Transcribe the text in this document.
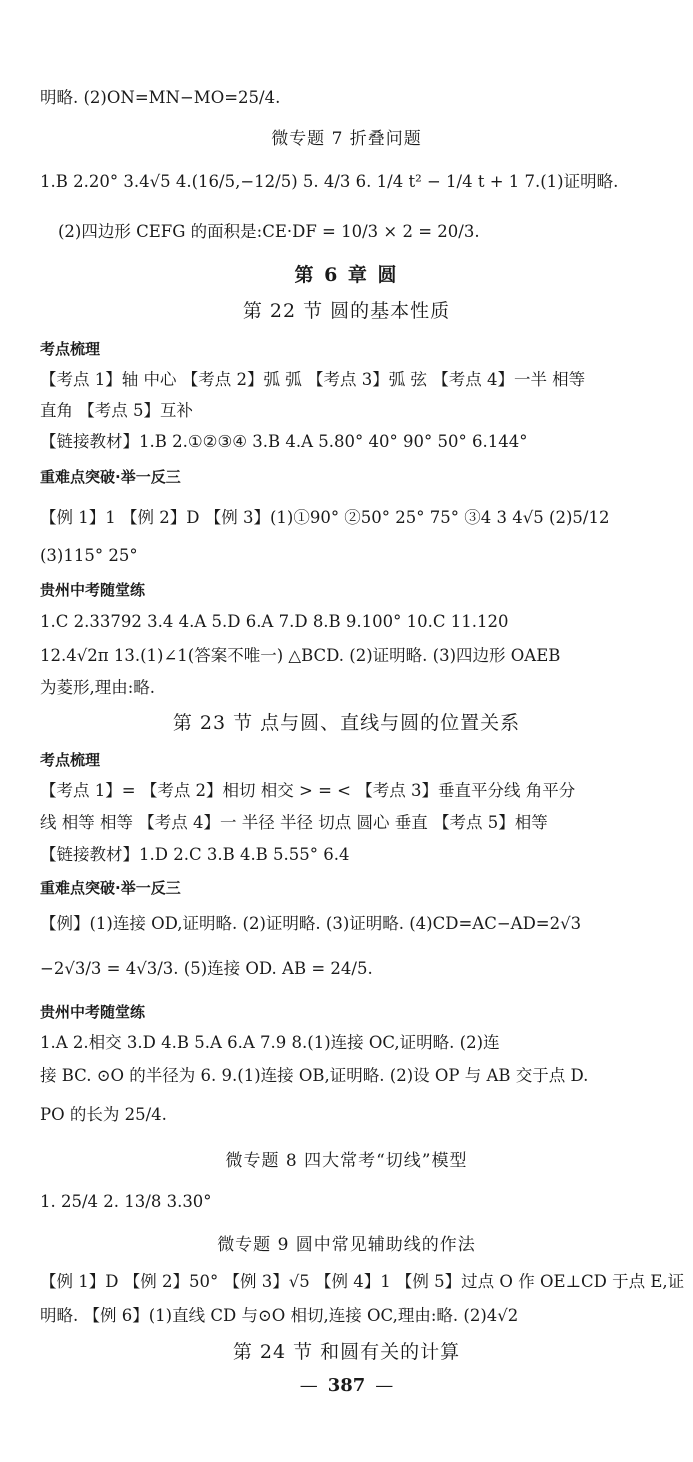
明略. (2)ON=MN−MO=25/4.
微专题 7 折叠问题
1.B 2.20° 3.4√5 4.(16/5,−12/5) 5. 4/3 6. 1/4 t² − 1/4 t + 1 7.(1)证明略.
(2)四边形 CEFG 的面积是:CE·DF = 10/3 × 2 = 20/3.
第 6 章 圆
第 22 节 圆的基本性质
考点梳理
【考点 1】轴 中心 【考点 2】弧 弧 【考点 3】弧 弦 【考点 4】一半 相等
直角 【考点 5】互补
【链接教材】1.B 2.①②③④ 3.B 4.A 5.80° 40° 90° 50° 6.144°
重难点突破·举一反三
【例 1】1 【例 2】D 【例 3】(1)①90° ②50° 25° 75° ③4 3 4√5 (2)5/12
(3)115° 25°
贵州中考随堂练
1.C 2.33792 3.4 4.A 5.D 6.A 7.D 8.B 9.100° 10.C 11.120
12.4√2π 13.(1)∠1(答案不唯一) △BCD. (2)证明略. (3)四边形 OAEB
为菱形,理由:略.
第 23 节 点与圆、直线与圆的位置关系
考点梳理
【考点 1】= 【考点 2】相切 相交 > = < 【考点 3】垂直平分线 角平分
线 相等 相等 【考点 4】一 半径 半径 切点 圆心 垂直 【考点 5】相等
【链接教材】1.D 2.C 3.B 4.B 5.55° 6.4
重难点突破·举一反三
【例】(1)连接 OD,证明略. (2)证明略. (3)证明略. (4)CD=AC−AD=2√3
−2√3/3 = 4√3/3. (5)连接 OD. AB = 24/5.
贵州中考随堂练
1.A 2.相交 3.D 4.B 5.A 6.A 7.9 8.(1)连接 OC,证明略. (2)连
接 BC. ⊙O 的半径为 6. 9.(1)连接 OB,证明略. (2)设 OP 与 AB 交于点 D.
PO 的长为 25/4.
微专题 8 四大常考“切线”模型
1. 25/4 2. 13/8 3.30°
微专题 9 圆中常见辅助线的作法
【例 1】D 【例 2】50° 【例 3】√5 【例 4】1 【例 5】过点 O 作 OE⊥CD 于点 E,证
明略. 【例 6】(1)直线 CD 与⊙O 相切,连接 OC,理由:略. (2)4√2
第 24 节 和圆有关的计算
— 387 —
